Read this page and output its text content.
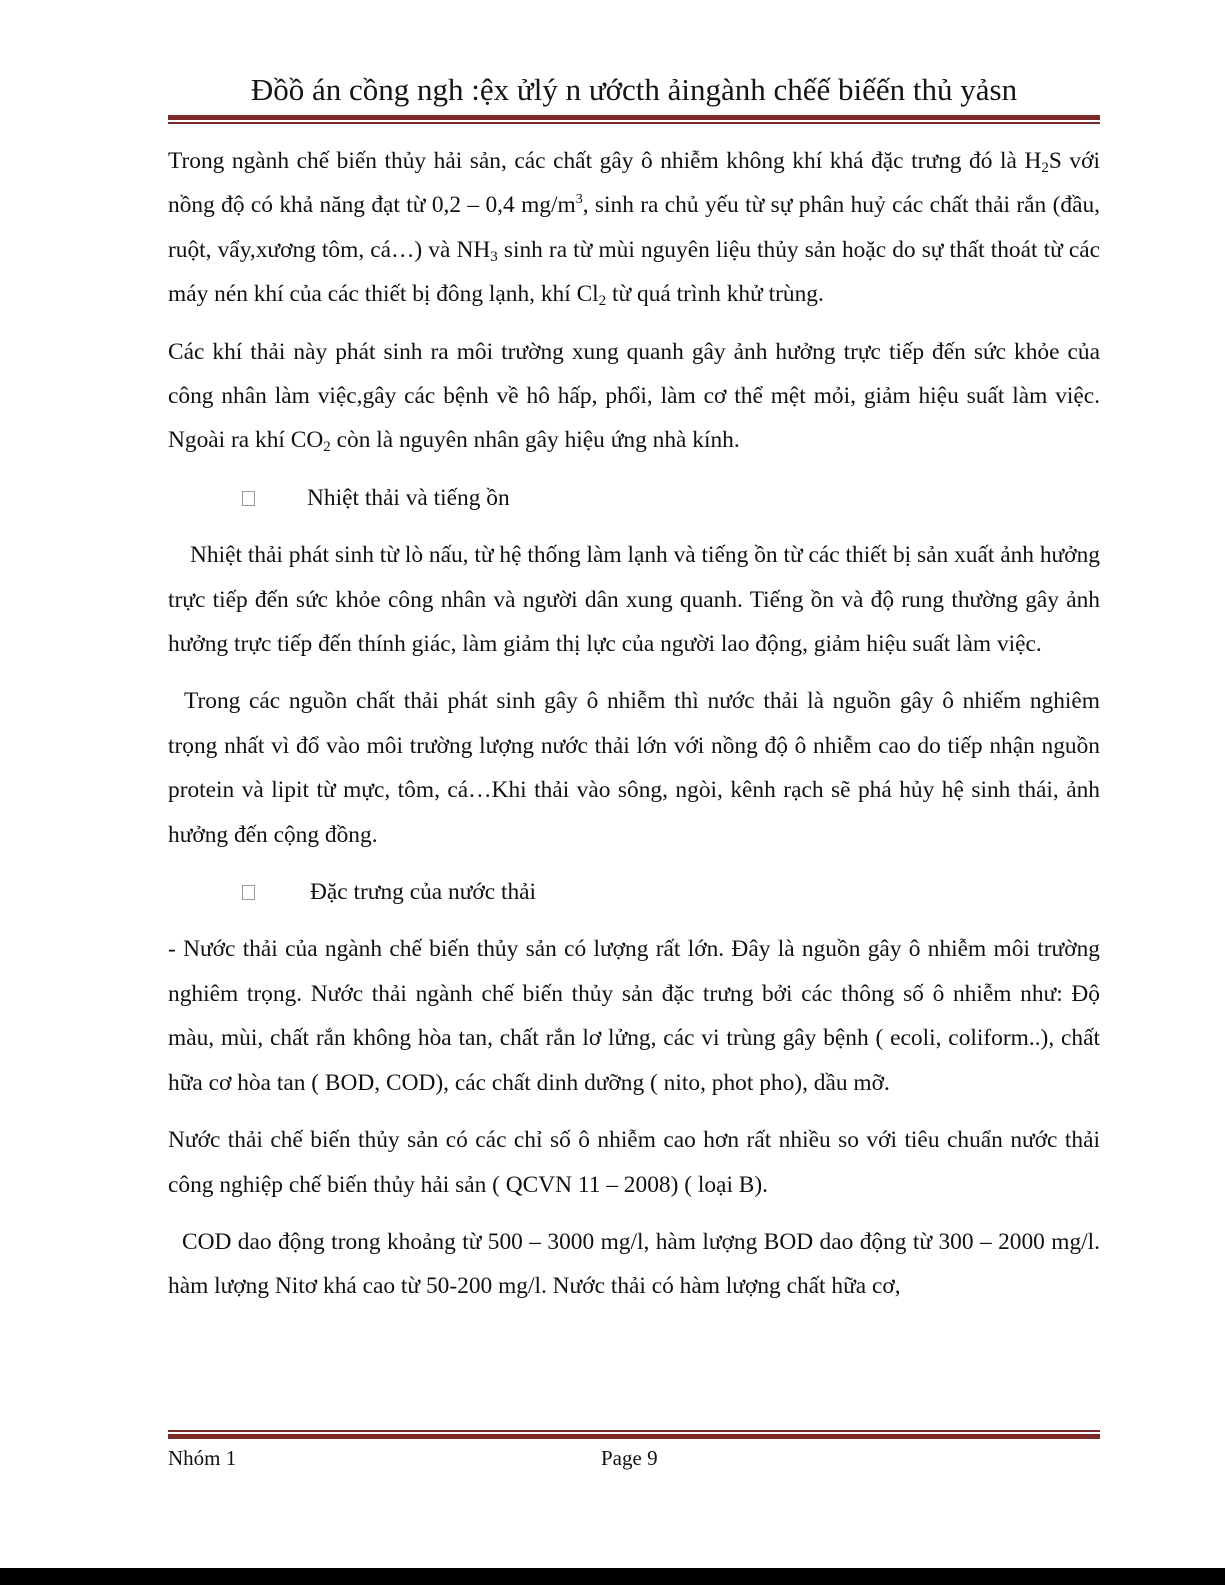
Đồồ án cồng ngh :ệx ửlý n ướcth ảingành chếế biếến thủ yảsn

Trong ngành chế biến thủy hải sản, các chất gây ô nhiễm không khí khá đặc trưng đó là $H_2S$ với nồng độ có khả năng đạt từ 0,2 – 0,4 $mg/m^3$, sinh ra chủ yếu từ sự phân huỷ các chất thải rắn (đầu, ruột, vẩy,xương tôm, cá…) và $NH_3$ sinh ra từ mùi nguyên liệu thủy sản hoặc do sự thất thoát từ các máy nén khí của các thiết bị đông lạnh, khí $Cl_2$ từ quá trình khử trùng.

Các khí thải này phát sinh ra môi trường xung quanh gây ảnh hưởng trực tiếp đến sức khỏe của công nhân làm việc,gây các bệnh về hô hấp, phổi, làm cơ thể mệt mỏi, giảm hiệu suất làm việc. Ngoài ra khí $CO_2$ còn là nguyên nhân gây hiệu ứng nhà kính.

Nhiệt thải và tiếng ồn

Nhiệt thải phát sinh từ lò nấu, từ hệ thống làm lạnh và tiếng ồn từ các thiết bị sản xuất ảnh hưởng trực tiếp đến sức khỏe công nhân và người dân xung quanh. Tiếng ồn và độ rung thường gây ảnh hưởng trực tiếp đến thính giác, làm giảm thị lực của người lao động, giảm hiệu suất làm việc.

Trong các nguồn chất thải phát sinh gây ô nhiễm thì nước thải là nguồn gây ô nhiếm nghiêm trọng nhất vì đổ vào môi trường lượng nước thải lớn với nồng độ ô nhiễm cao do tiếp nhận nguồn protein và lipit từ mực, tôm, cá…Khi thải vào sông, ngòi, kênh rạch sẽ phá hủy hệ sinh thái, ảnh hưởng đến cộng đồng.

Đặc trưng của nước thải

- Nước thải của ngành chế biến thủy sản có lượng rất lớn. Đây là nguồn gây ô nhiễm môi trường nghiêm trọng. Nước thải ngành chế biến thủy sản đặc trưng bởi các thông số ô nhiễm như: Độ màu, mùi, chất rắn không hòa tan, chất rắn lơ lửng, các vi trùng gây bệnh ( ecoli, coliform..), chất hữa cơ hòa tan ( BOD, COD), các chất dinh dưỡng ( nito, phot pho), dầu mỡ.

Nước thải chế biến thủy sản có các chỉ số ô nhiễm cao hơn rất nhiều so với tiêu chuẩn nước thải công nghiệp chế biến thủy hải sản ( QCVN 11 – 2008) ( loại B).

COD dao động trong khoảng từ 500 – 3000 mg/l, hàm lượng BOD dao động từ 300 – 2000 mg/l. hàm lượng Nitơ khá cao từ 50-200 mg/l. Nước thải có hàm lượng chất hữa cơ,

Nhóm 1	Page 9
